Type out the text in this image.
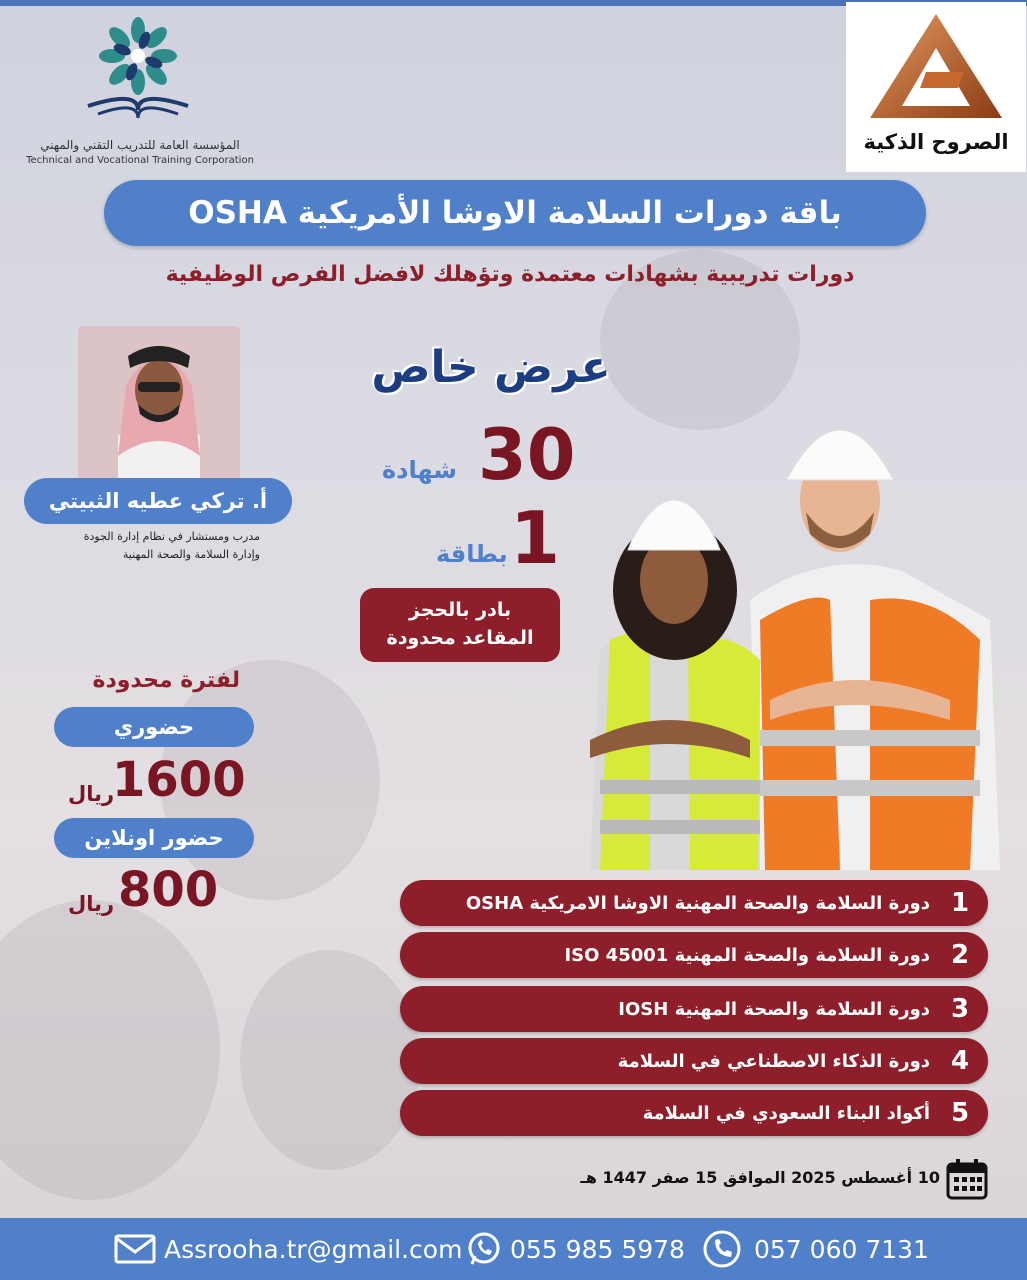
المؤسسة العامة للتدريب التقني والمهني
Technical and Vocational Training Corporation
الصروح الذكية
باقة دورات السلامة الاوشا الأمريكية OSHA
دورات تدريبية بشهادات معتمدة وتؤهلك لافضل الفرص الوظيفية
أ. تركي عطيه الثبيتي
مدرب ومستشار في نظام إدارة الجودة
وإدارة السلامة والصحة المهنية
عرض خاص
30
شهادة
1
بطاقة
بادر بالحجز
المقاعد محدودة
لفترة محدودة
حضوري
1600
ريال
حضور اونلاين
800
ريال	1
دورة السلامة والصحة المهنية الاوشا الامريكية OSHA
2
دورة السلامة والصحة المهنية ISO 45001
3
دورة السلامة والصحة المهنية IOSH
4
دورة الذكاء الاصطناعي في السلامة
5
أكواد البناء السعودي في السلامة
10 أغسطس 2025 الموافق 15 صفر 1447 هـ
Assrooha.tr@gmail.com 055 985 5978	057 060 7131
